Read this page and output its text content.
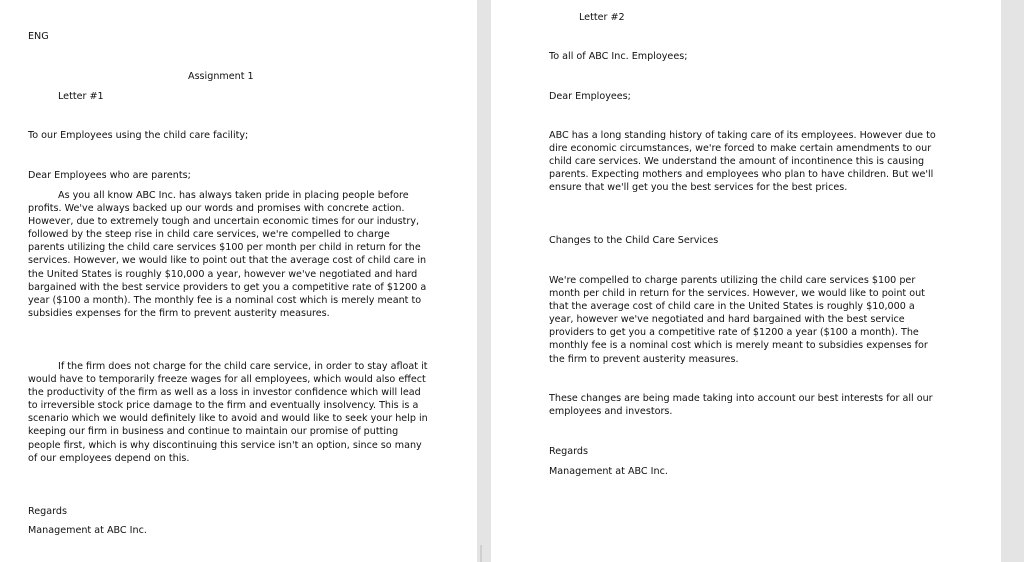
ENG

Assignment 1

Letter #1

To our Employees using the child care facility;

Dear Employees who are parents;

As you all know ABC Inc. has always taken pride in placing people before profits. We've always backed up our words and promises with concrete action. However, due to extremely tough and uncertain economic times for our industry, followed by the steep rise in child care services, we're compelled to charge parents utilizing the child care services $100 per month per child in return for the services. However, we would like to point out that the average cost of child care in the United States is roughly $10,000 a year, however we've negotiated and hard bargained with the best service providers to get you a competitive rate of $1200 a year ($100 a month). The monthly fee is a nominal cost which is merely meant to subsidies expenses for the firm to prevent austerity measures.

If the firm does not charge for the child care service, in order to stay afloat it would have to temporarily freeze wages for all employees, which would also effect the productivity of the firm as well as a loss in investor confidence which will lead to irreversible stock price damage to the firm and eventually insolvency. This is a scenario which we would definitely like to avoid and would like to seek your help in keeping our firm in business and continue to maintain our promise of putting people first, which is why discontinuing this service isn't an option, since so many of our employees depend on this.

Regards

Management at ABC Inc.

Letter #2

To all of ABC Inc. Employees;

Dear Employees;

ABC has a long standing history of taking care of its employees. However due to dire economic circumstances, we're forced to make certain amendments to our child care services. We understand the amount of incontinence this is causing parents. Expecting mothers and employees who plan to have children. But we'll ensure that we'll get you the best services for the best prices.

Changes to the Child Care Services

We're compelled to charge parents utilizing the child care services $100 per month per child in return for the services. However, we would like to point out that the average cost of child care in the United States is roughly $10,000 a year, however we've negotiated and hard bargained with the best service providers to get you a competitive rate of $1200 a year ($100 a month). The monthly fee is a nominal cost which is merely meant to subsidies expenses for the firm to prevent austerity measures.

These changes are being made taking into account our best interests for all our employees and investors.

Regards

Management at ABC Inc.
